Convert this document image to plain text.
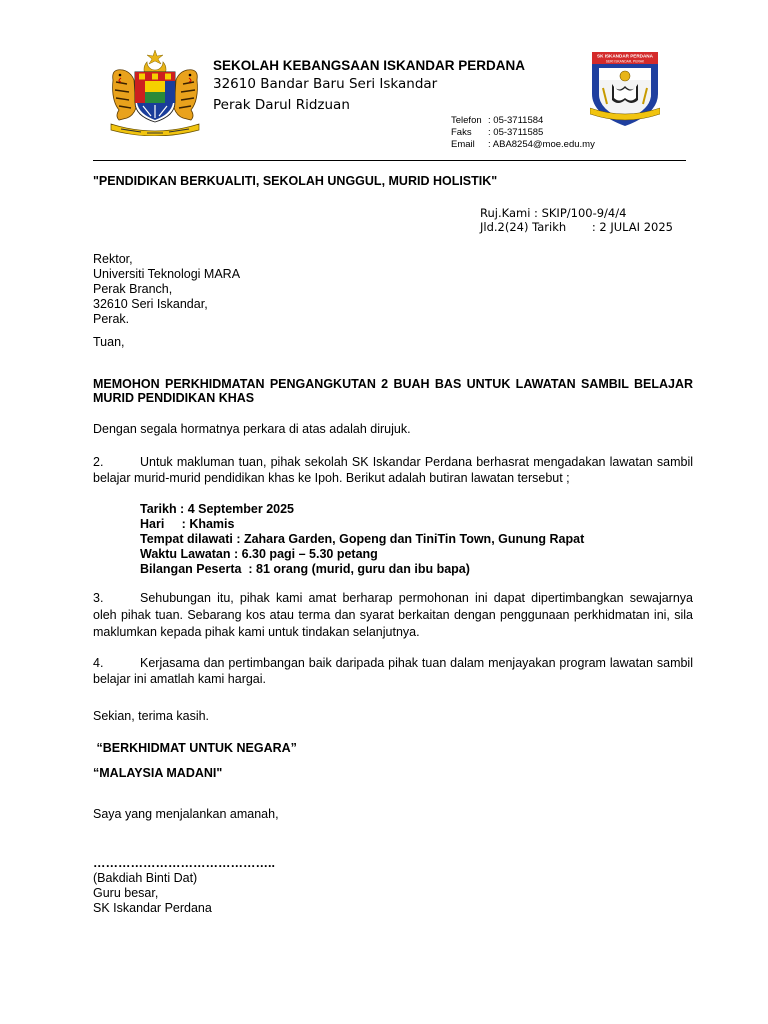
SEKOLAH KEBANGSAAN ISKANDAR PERDANA
32610 Bandar Baru Seri Iskandar
Perak Darul Ridzuan
Telefon : 05-3711584
Faks : 05-3711585
Email : ABA8254@moe.edu.my
SK ISKANDAR PERDANA
SERI ISKANDAR, PERAK
"PENDIDIKAN BERKUALITI, SEKOLAH UNGGUL, MURID HOLISTIK"
Ruj.Kami : SKIP/100-9/4/4
Jld.2(24) Tarikh : 2 JULAI 2025
Rektor,
Universiti Teknologi MARA
Perak Branch,
32610 Seri Iskandar,
Perak.
Tuan,
MEMOHON PERKHIDMATAN PENGANGKUTAN 2 BUAH BAS UNTUK LAWATAN SAMBIL BELAJAR MURID PENDIDIKAN KHAS
Dengan segala hormatnya perkara di atas adalah dirujuk.
2.	Untuk makluman tuan, pihak sekolah SK Iskandar Perdana berhasrat mengadakan lawatan sambil belajar murid-murid pendidikan khas ke Ipoh. Berikut adalah butiran lawatan tersebut ;
Tarikh : 4 September 2025
Hari     : Khamis
Tempat dilawati : Zahara Garden, Gopeng dan TiniTin Town, Gunung Rapat
Waktu Lawatan : 6.30 pagi – 5.30 petang
Bilangan Peserta  : 81 orang (murid, guru dan ibu bapa)
3.	Sehubungan itu, pihak kami amat berharap permohonan ini dapat dipertimbangkan sewajarnya oleh pihak tuan. Sebarang kos atau terma dan syarat berkaitan dengan penggunaan perkhidmatan ini, sila maklumkan kepada pihak kami untuk tindakan selanjutnya.
4.	Kerjasama dan pertimbangan baik daripada pihak tuan dalam menjayakan program lawatan sambil belajar ini amatlah kami hargai.
Sekian, terima kasih.
“BERKHIDMAT UNTUK NEGARA”
“MALAYSIA MADANI"
Saya yang menjalankan amanah,
……………………………………..
(Bakdiah Binti Dat)
Guru besar,
SK Iskandar Perdana
